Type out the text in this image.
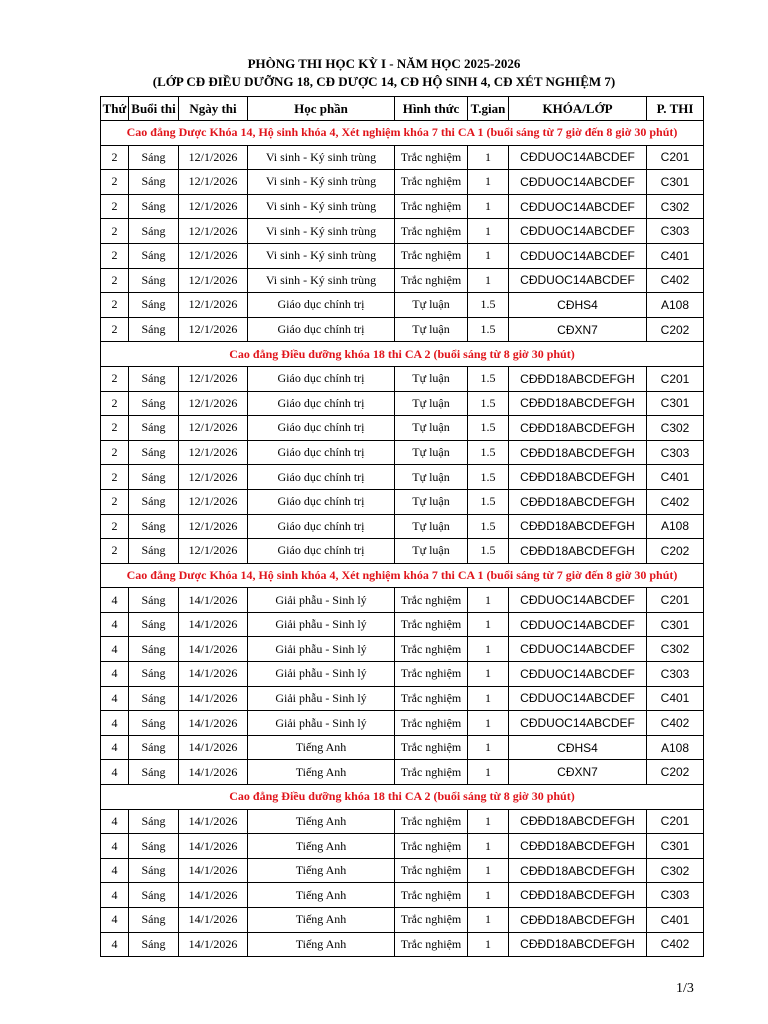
PHÒNG THI HỌC KỲ I - NĂM HỌC 2025-2026
(LỚP CĐ ĐIỀU DƯỠNG 18, CĐ DƯỢC 14, CĐ HỘ SINH 4, CĐ XÉT NGHIỆM 7)
Thứ	Buổi thi	Ngày thi	Học phần	Hình thức	T.gian	KHÓA/LỚP	P. THI
Cao đẳng Dược Khóa 14, Hộ sinh khóa 4, Xét nghiệm khóa 7 thi CA 1 (buổi sáng từ 7 giờ đến 8 giờ 30 phút)							
2	Sáng	12/1/2026	Vi sinh - Ký sinh trùng	Trắc nghiệm	1	CĐDUOC14ABCDEF	C201
2	Sáng	12/1/2026	Vi sinh - Ký sinh trùng	Trắc nghiệm	1	CĐDUOC14ABCDEF	C301
2	Sáng	12/1/2026	Vi sinh - Ký sinh trùng	Trắc nghiệm	1	CĐDUOC14ABCDEF	C302
2	Sáng	12/1/2026	Vi sinh - Ký sinh trùng	Trắc nghiệm	1	CĐDUOC14ABCDEF	C303
2	Sáng	12/1/2026	Vi sinh - Ký sinh trùng	Trắc nghiệm	1	CĐDUOC14ABCDEF	C401
2	Sáng	12/1/2026	Vi sinh - Ký sinh trùng	Trắc nghiệm	1	CĐDUOC14ABCDEF	C402
2	Sáng	12/1/2026	Giáo dục chính trị	Tự luận	1.5	CĐHS4	A108
2	Sáng	12/1/2026	Giáo dục chính trị	Tự luận	1.5	CĐXN7	C202
Cao đẳng Điều dưỡng khóa 18 thi CA 2 (buổi sáng từ 8 giờ 30 phút)							
2	Sáng	12/1/2026	Giáo dục chính trị	Tự luận	1.5	CĐĐD18ABCDEFGH	C201
2	Sáng	12/1/2026	Giáo dục chính trị	Tự luận	1.5	CĐĐD18ABCDEFGH	C301
2	Sáng	12/1/2026	Giáo dục chính trị	Tự luận	1.5	CĐĐD18ABCDEFGH	C302
2	Sáng	12/1/2026	Giáo dục chính trị	Tự luận	1.5	CĐĐD18ABCDEFGH	C303
2	Sáng	12/1/2026	Giáo dục chính trị	Tự luận	1.5	CĐĐD18ABCDEFGH	C401
2	Sáng	12/1/2026	Giáo dục chính trị	Tự luận	1.5	CĐĐD18ABCDEFGH	C402
2	Sáng	12/1/2026	Giáo dục chính trị	Tự luận	1.5	CĐĐD18ABCDEFGH	A108
2	Sáng	12/1/2026	Giáo dục chính trị	Tự luận	1.5	CĐĐD18ABCDEFGH	C202
Cao đẳng Dược Khóa 14, Hộ sinh khóa 4, Xét nghiệm khóa 7 thi CA 1 (buổi sáng từ 7 giờ đến 8 giờ 30 phút)							
4	Sáng	14/1/2026	Giải phẫu - Sinh lý	Trắc nghiệm	1	CĐDUOC14ABCDEF	C201
4	Sáng	14/1/2026	Giải phẫu - Sinh lý	Trắc nghiệm	1	CĐDUOC14ABCDEF	C301
4	Sáng	14/1/2026	Giải phẫu - Sinh lý	Trắc nghiệm	1	CĐDUOC14ABCDEF	C302
4	Sáng	14/1/2026	Giải phẫu - Sinh lý	Trắc nghiệm	1	CĐDUOC14ABCDEF	C303
4	Sáng	14/1/2026	Giải phẫu - Sinh lý	Trắc nghiệm	1	CĐDUOC14ABCDEF	C401
4	Sáng	14/1/2026	Giải phẫu - Sinh lý	Trắc nghiệm	1	CĐDUOC14ABCDEF	C402
4	Sáng	14/1/2026	Tiếng Anh	Trắc nghiệm	1	CĐHS4	A108
4	Sáng	14/1/2026	Tiếng Anh	Trắc nghiệm	1	CĐXN7	C202
Cao đẳng Điều dưỡng khóa 18 thi CA 2 (buổi sáng từ 8 giờ 30 phút)							
4	Sáng	14/1/2026	Tiếng Anh	Trắc nghiệm	1	CĐĐD18ABCDEFGH	C201
4	Sáng	14/1/2026	Tiếng Anh	Trắc nghiệm	1	CĐĐD18ABCDEFGH	C301
4	Sáng	14/1/2026	Tiếng Anh	Trắc nghiệm	1	CĐĐD18ABCDEFGH	C302
4	Sáng	14/1/2026	Tiếng Anh	Trắc nghiệm	1	CĐĐD18ABCDEFGH	C303
4	Sáng	14/1/2026	Tiếng Anh	Trắc nghiệm	1	CĐĐD18ABCDEFGH	C401
4	Sáng	14/1/2026	Tiếng Anh	Trắc nghiệm	1	CĐĐD18ABCDEFGH	C402
1/3
